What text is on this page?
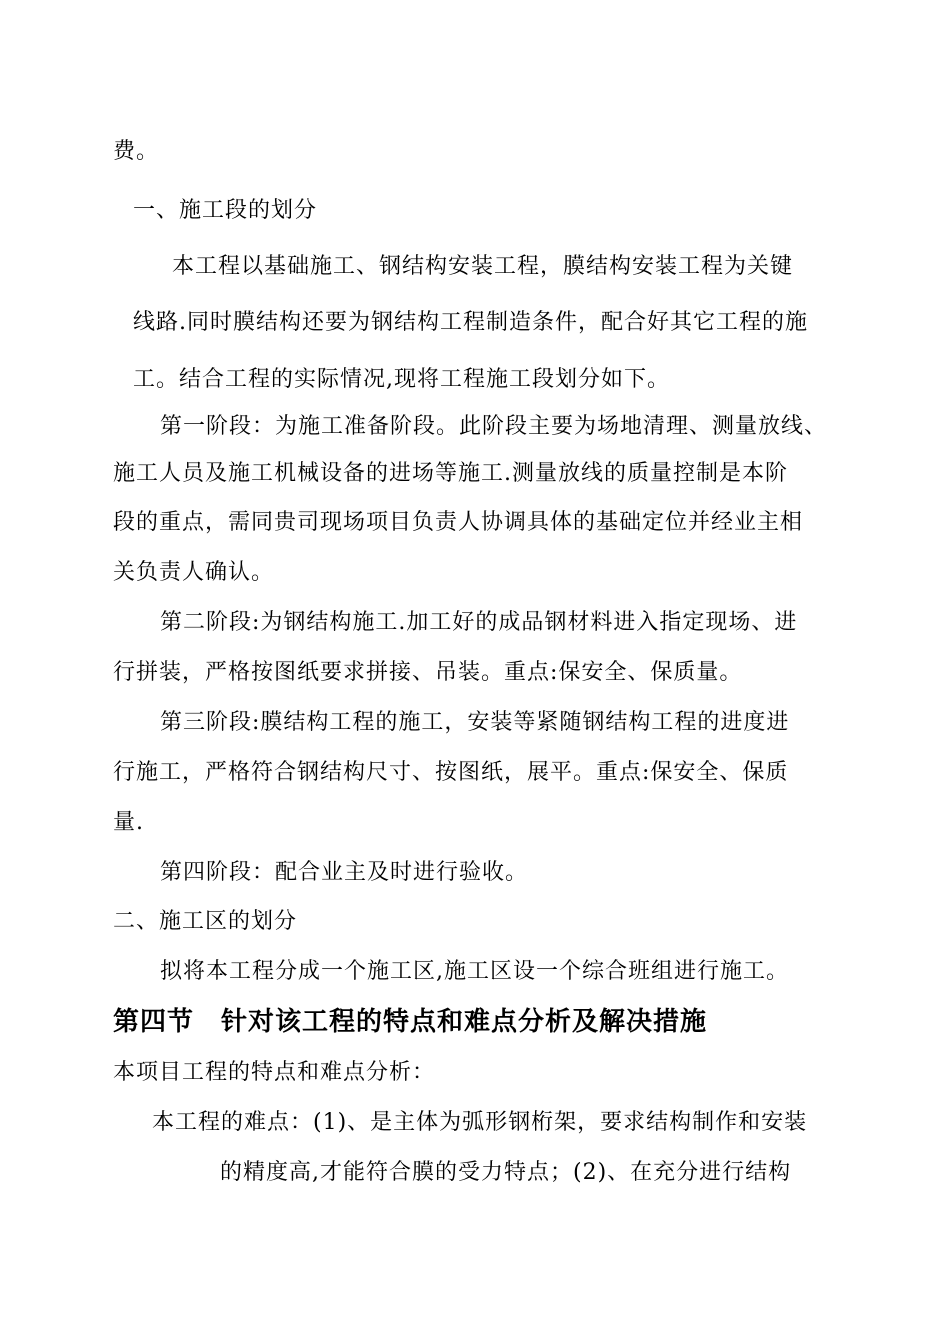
费。
一、施工段的划分
本工程以基础施工、钢结构安装工程，膜结构安装工程为关键
线路.同时膜结构还要为钢结构工程制造条件，配合好其它工程的施
工。结合工程的实际情况,现将工程施工段划分如下。
第一阶段：为施工准备阶段。此阶段主要为场地清理、测量放线、
施工人员及施工机械设备的进场等施工.测量放线的质量控制是本阶
段的重点，需同贵司现场项目负责人协调具体的基础定位并经业主相
关负责人确认。
第二阶段:为钢结构施工.加工好的成品钢材料进入指定现场、进
行拼装，严格按图纸要求拼接、吊装。重点:保安全、保质量。
第三阶段:膜结构工程的施工，安装等紧随钢结构工程的进度进
行施工，严格符合钢结构尺寸、按图纸，展平。重点:保安全、保质
量.
第四阶段：配合业主及时进行验收。
二、施工区的划分
拟将本工程分成一个施工区,施工区设一个综合班组进行施工。
第四节　针对该工程的特点和难点分析及解决措施
本项目工程的特点和难点分析：
本工程的难点：(1)、是主体为弧形钢桁架，要求结构制作和安装
的精度高,才能符合膜的受力特点；(2)、在充分进行结构
